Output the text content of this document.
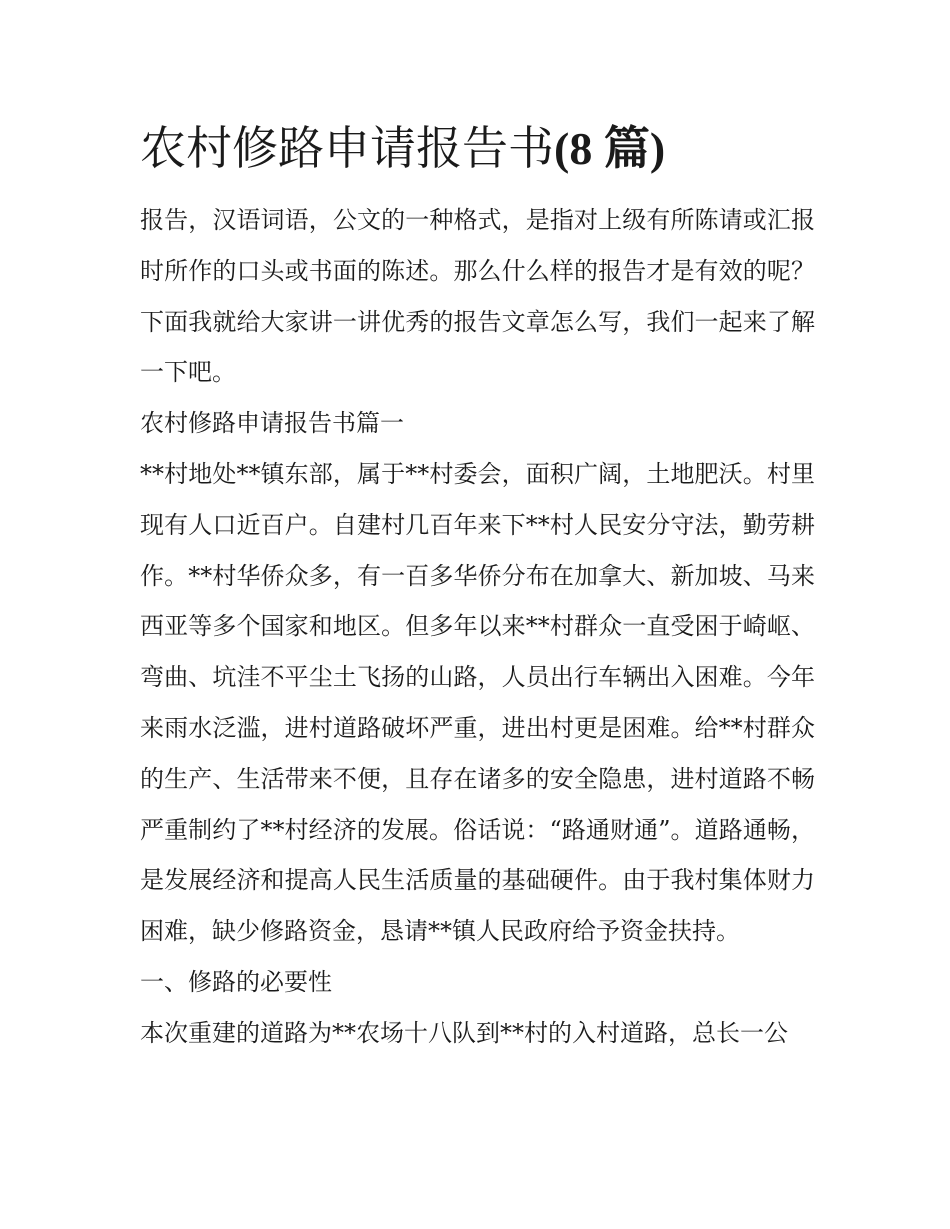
农村修路申请报告书(8 篇)

报告，汉语词语，公文的一种格式，是指对上级有所陈请或汇报时所作的口头或书面的陈述。那么什么样的报告才是有效的呢？下面我就给大家讲一讲优秀的报告文章怎么写，我们一起来了解一下吧。

农村修路申请报告书篇一

**村地处**镇东部，属于**村委会，面积广阔，土地肥沃。村里现有人口近百户。自建村几百年来下**村人民安分守法，勤劳耕作。**村华侨众多，有一百多华侨分布在加拿大、新加坡、马来西亚等多个国家和地区。但多年以来**村群众一直受困于崎岖、弯曲、坑洼不平尘土飞扬的山路，人员出行车辆出入困难。今年来雨水泛滥，进村道路破坏严重，进出村更是困难。给**村群众的生产、生活带来不便，且存在诸多的安全隐患，进村道路不畅严重制约了**村经济的发展。俗话说：“路通财通”。道路通畅，是发展经济和提高人民生活质量的基础硬件。由于我村集体财力困难，缺少修路资金，恳请**镇人民政府给予资金扶持。

一、修路的必要性

本次重建的道路为**农场十八队到**村的入村道路，总长一公
